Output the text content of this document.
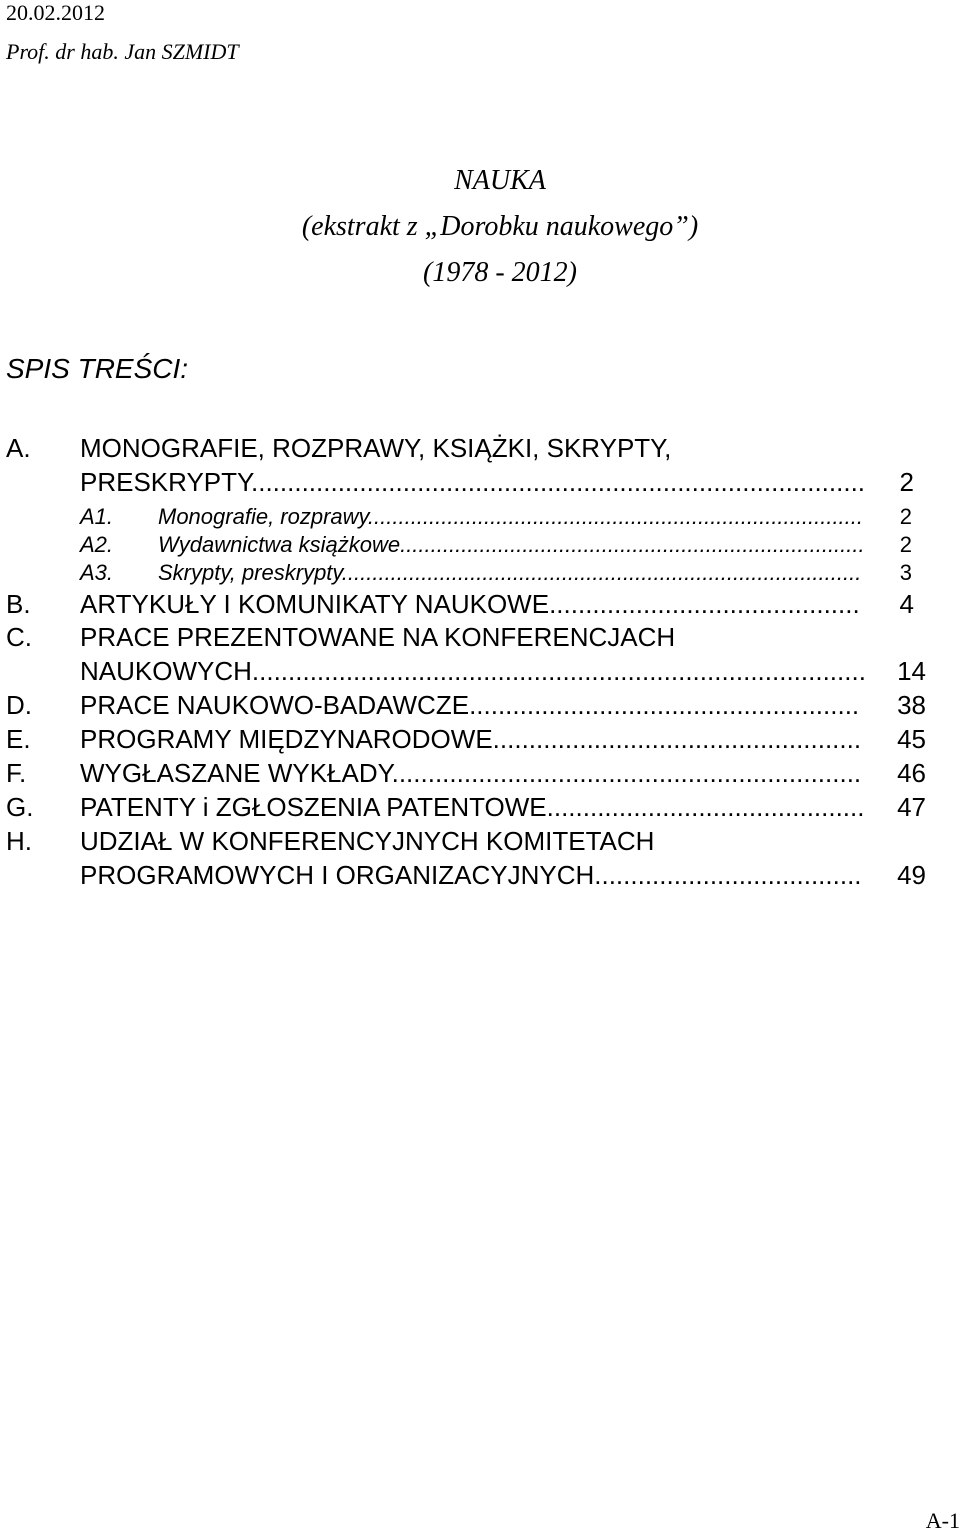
20.02.2012
Prof. dr hab. Jan SZMIDT
NAUKA
(ekstrakt z „Dorobku naukowego”)
(1978 - 2012)
SPIS TREŚCI:
A. MONOGRAFIE, ROZPRAWY, KSIĄŻKI, SKRYPTY,
PRESKRYPTY.....................................................................................	2
A1. Monografie, rozprawy.................................................................................	2
A2. Wydawnictwa książkowe............................................................................	2
A3. Skrypty, preskrypty.....................................................................................	3
B. ARTYKUŁY I KOMUNIKATY NAUKOWE...........................................	4
C. PRACE PREZENTOWANE NA KONFERENCJACH
NAUKOWYCH.....................................................................................	14
D. PRACE NAUKOWO-BADAWCZE......................................................	38
E. PROGRAMY MIĘDZYNARODOWE...................................................	45
F. WYGŁASZANE WYKŁADY.................................................................	46
G. PATENTY i ZGŁOSZENIA PATENTOWE............................................	47
H. UDZIAŁ W KONFERENCYJNYCH KOMITETACH
PROGRAMOWYCH I ORGANIZACYJNYCH.....................................	49
A-1
